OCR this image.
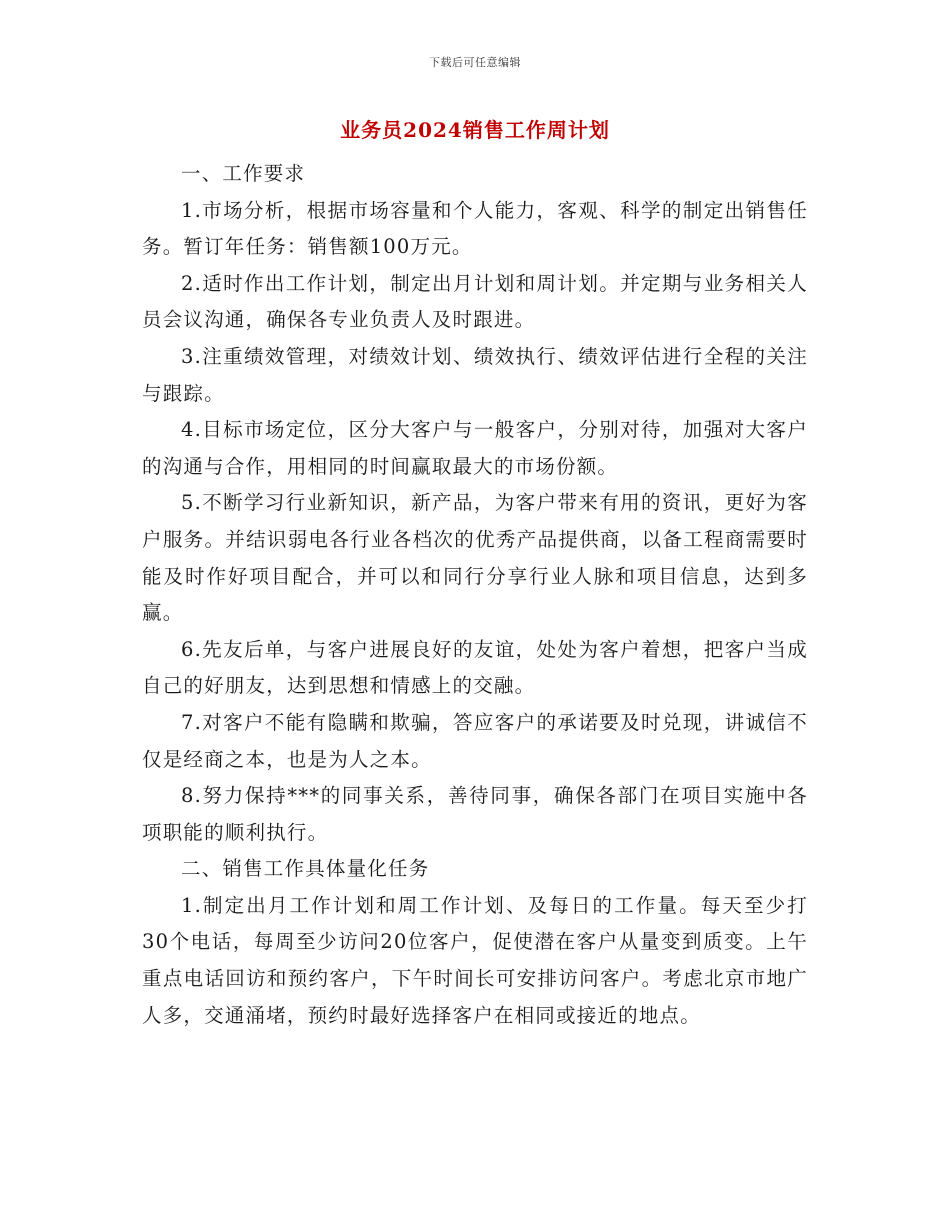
下载后可任意编辑
业务员2024销售工作周计划

一、工作要求

1.市场分析，根据市场容量和个人能力，客观、科学的制定出销售任务。暂订年任务：销售额100万元。

2.适时作出工作计划，制定出月计划和周计划。并定期与业务相关人员会议沟通，确保各专业负责人及时跟进。

3.注重绩效管理，对绩效计划、绩效执行、绩效评估进行全程的关注与跟踪。

4.目标市场定位，区分大客户与一般客户，分别对待，加强对大客户的沟通与合作，用相同的时间赢取最大的市场份额。

5.不断学习行业新知识，新产品，为客户带来有用的资讯，更好为客户服务。并结识弱电各行业各档次的优秀产品提供商，以备工程商需要时能及时作好项目配合，并可以和同行分享行业人脉和项目信息，达到多赢。

6.先友后单，与客户进展良好的友谊，处处为客户着想，把客户当成自己的好朋友，达到思想和情感上的交融。

7.对客户不能有隐瞒和欺骗，答应客户的承诺要及时兑现，讲诚信不仅是经商之本，也是为人之本。

8.努力保持***的同事关系，善待同事，确保各部门在项目实施中各项职能的顺利执行。

二、销售工作具体量化任务

1.制定出月工作计划和周工作计划、及每日的工作量。每天至少打30个电话，每周至少访问20位客户，促使潜在客户从量变到质变。上午重点电话回访和预约客户，下午时间长可安排访问客户。考虑北京市地广人多，交通涌堵，预约时最好选择客户在相同或接近的地点。
